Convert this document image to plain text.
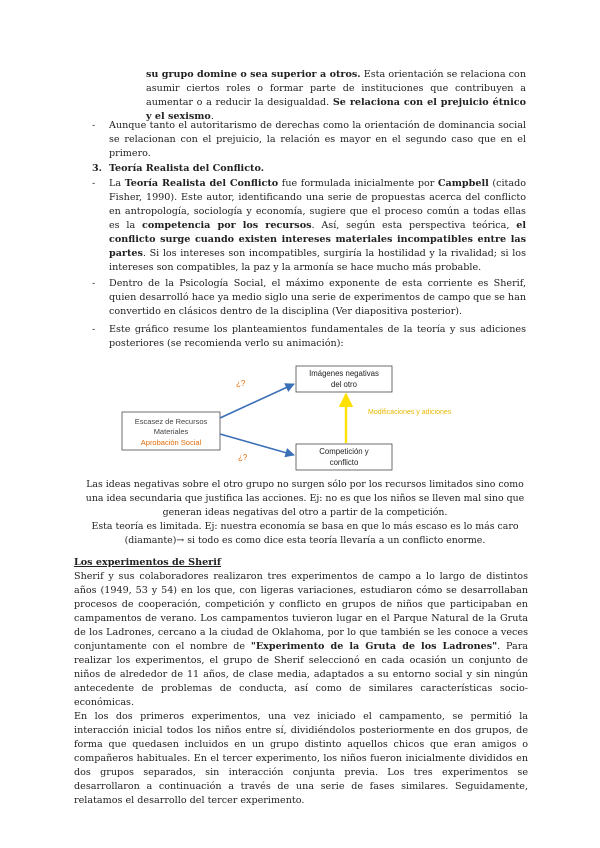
su grupo domine o sea superior a otros. Esta orientación se relaciona con asumir ciertos roles o formar parte de instituciones que contribuyen a aumentar o a reducir la desigualdad. Se relaciona con el prejuicio étnico y el sexismo.

-	Aunque tanto el autoritarismo de derechas como la orientación de dominancia social se relacionan con el prejuicio, la relación es mayor en el segundo caso que en el primero.

3. Teoría Realista del Conflicto.
-	La Teoría Realista del Conflicto fue formulada inicialmente por Campbell (citado Fisher, 1990). Este autor, identificando una serie de propuestas acerca del conflicto en antropología, sociología y economía, sugiere que el proceso común a todas ellas es la competencia por los recursos. Así, según esta perspectiva teórica, el conflicto surge cuando existen intereses materiales incompatibles entre las partes. Si los intereses son incompatibles, surgiría la hostilidad y la rivalidad; si los intereses son compatibles, la paz y la armonía se hace mucho más probable.

-	Dentro de la Psicología Social, el máximo exponente de esta corriente es Sherif, quien desarrolló hace ya medio siglo una serie de experimentos de campo que se han convertido en clásicos dentro de la disciplina (Ver diapositiva posterior).

-	Este gráfico resume los planteamientos fundamentales de la teoría y sus adiciones posteriores (se recomienda verlo su animación):

Escasez de Recursos
Materiales
Aprobación Social
Imágenes negativas
del otro
Competición y
conflicto
¿?
¿?
Modificaciones y adiciones

Las ideas negativas sobre el otro grupo no surgen sólo por los recursos limitados sino como una idea secundaria que justifica las acciones. Ej: no es que los niños se lleven mal sino que generan ideas negativas del otro a partir de la competición.

Esta teoría es limitada. Ej: nuestra economía se basa en que lo más escaso es lo más caro (diamante)→ si todo es como dice esta teoría llevaría a un conflicto enorme.

Los experimentos de Sherif

Sherif y sus colaboradores realizaron tres experimentos de campo a lo largo de distintos años (1949, 53 y 54) en los que, con ligeras variaciones, estudiaron cómo se desarrollaban procesos de cooperación, competición y conflicto en grupos de niños que participaban en campamentos de verano. Los campamentos tuvieron lugar en el Parque Natural de la Gruta de los Ladrones, cercano a la ciudad de Oklahoma, por lo que también se les conoce a veces conjuntamente con el nombre de "Experimento de la Gruta de los Ladrones". Para realizar los experimentos, el grupo de Sherif seleccionó en cada ocasión un conjunto de niños de alrededor de 11 años, de clase media, adaptados a su entorno social y sin ningún antecedente de problemas de conducta, así como de similares características socio-económicas.

En los dos primeros experimentos, una vez iniciado el campamento, se permitió la interacción inicial todos los niños entre sí, dividiéndolos posteriormente en dos grupos, de forma que quedasen incluidos en un grupo distinto aquellos chicos que eran amigos o compañeros habituales. En el tercer experimento, los niños fueron inicialmente divididos en dos grupos separados, sin interacción conjunta previa. Los tres experimentos se desarrollaron a continuación a través de una serie de fases similares. Seguidamente, relatamos el desarrollo del tercer experimento.
